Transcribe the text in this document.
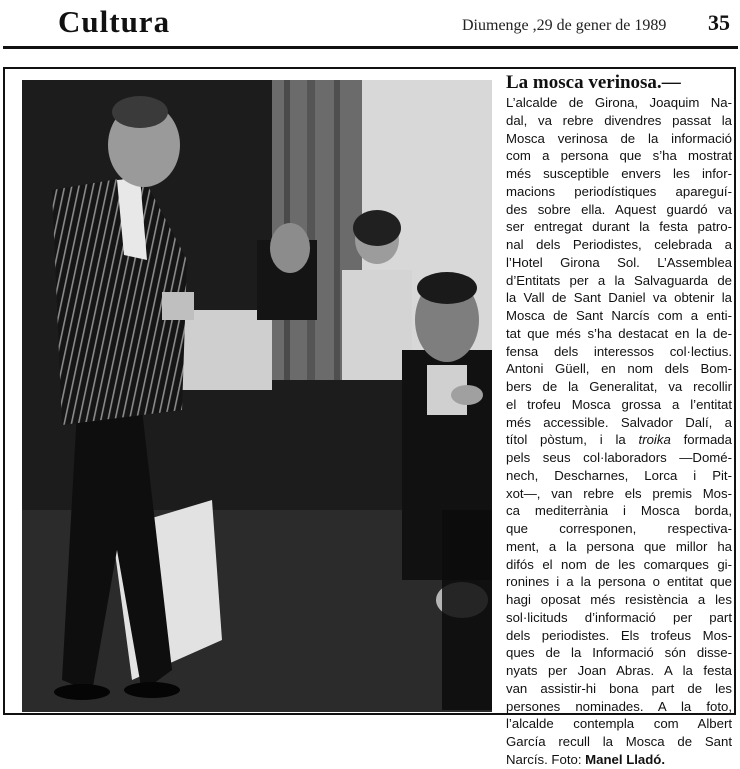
Cultura	Diumenge ,29 de gener de 1989 35
La mosca verinosa.—
L’alcalde de Girona, Joaquim Na-
dal, va rebre divendres passat la
Mosca verinosa de la informació
com a persona que s’ha mostrat
més susceptible envers les infor-
macions periodístiques apareguí-
des sobre ella. Aquest guardó va
ser entregat durant la festa patro-
nal dels Periodistes, celebrada a
l’Hotel Girona Sol. L’Assemblea
d’Entitats per a la Salvaguarda de
la Vall de Sant Daniel va obtenir la
Mosca de Sant Narcís com a enti-
tat que més s’ha destacat en la de-
fensa dels interessos col·lectius.
Antoni Güell, en nom dels Bom-
bers de la Generalitat, va recollir
el trofeu Mosca grossa a l’entitat
més accessible. Salvador Dalí, a
títol pòstum, i la troika formada
pels seus col·laboradors —Domé-
nech, Descharnes, Lorca i Pit-
xot—, van rebre els premis Mos-
ca mediterrània i Mosca borda,
que corresponen, respectiva-
ment, a la persona que millor ha
difós el nom de les comarques gi-
ronines i a la persona o entitat que
hagi oposat més resistència a les
sol·licituds d’informació per part
dels periodistes. Els trofeus Mos-
ques de la Informació són disse-
nyats per Joan Abras. A la festa
van assistir-hi bona part de les
persones nominades. A la foto,
l’alcalde contempla com Albert
García recull la Mosca de Sant
Narcís. Foto: Manel Lladó.
